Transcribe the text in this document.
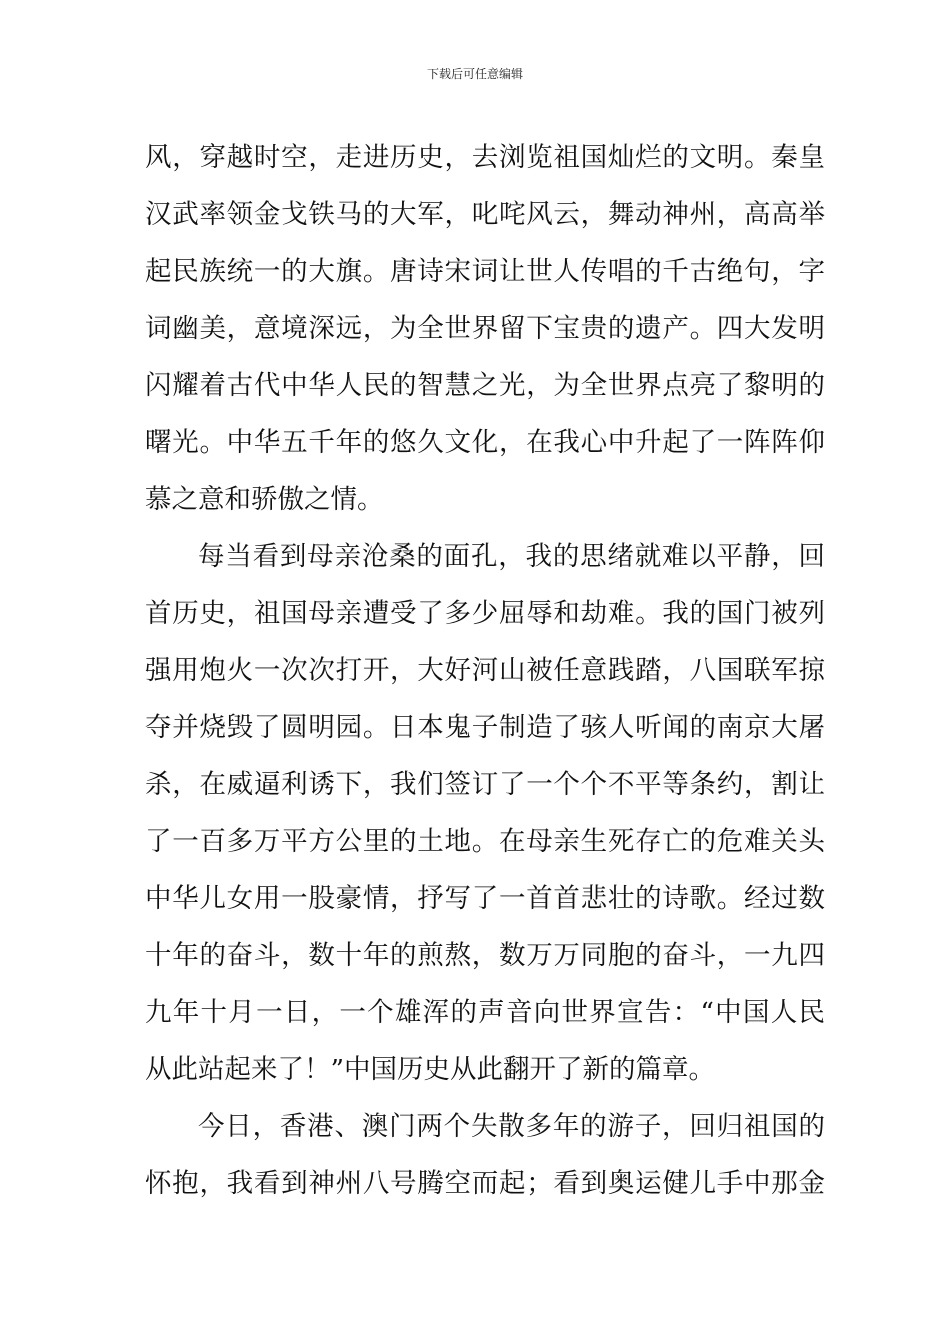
下载后可任意编辑
风，穿越时空，走进历史，去浏览祖国灿烂的文明。秦皇
汉武率领金戈铁马的大军，叱咤风云，舞动神州，高高举
起民族统一的大旗。唐诗宋词让世人传唱的千古绝句，字
词幽美，意境深远，为全世界留下宝贵的遗产。四大发明
闪耀着古代中华人民的智慧之光，为全世界点亮了黎明的
曙光。中华五千年的悠久文化，在我心中升起了一阵阵仰
慕之意和骄傲之情。
每当看到母亲沧桑的面孔，我的思绪就难以平静，回
首历史，祖国母亲遭受了多少屈辱和劫难。我的国门被列
强用炮火一次次打开，大好河山被任意践踏，八国联军掠
夺并烧毁了圆明园。日本鬼子制造了骇人听闻的南京大屠
杀，在威逼利诱下，我们签订了一个个不平等条约，割让
了一百多万平方公里的土地。在母亲生死存亡的危难关头
中华儿女用一股豪情，抒写了一首首悲壮的诗歌。经过数
十年的奋斗，数十年的煎熬，数万万同胞的奋斗，一九四
九年十月一日，一个雄浑的声音向世界宣告：“中国人民
从此站起来了！”中国历史从此翻开了新的篇章。
今日，香港、澳门两个失散多年的游子，回归祖国的
怀抱，我看到神州八号腾空而起；看到奥运健儿手中那金
